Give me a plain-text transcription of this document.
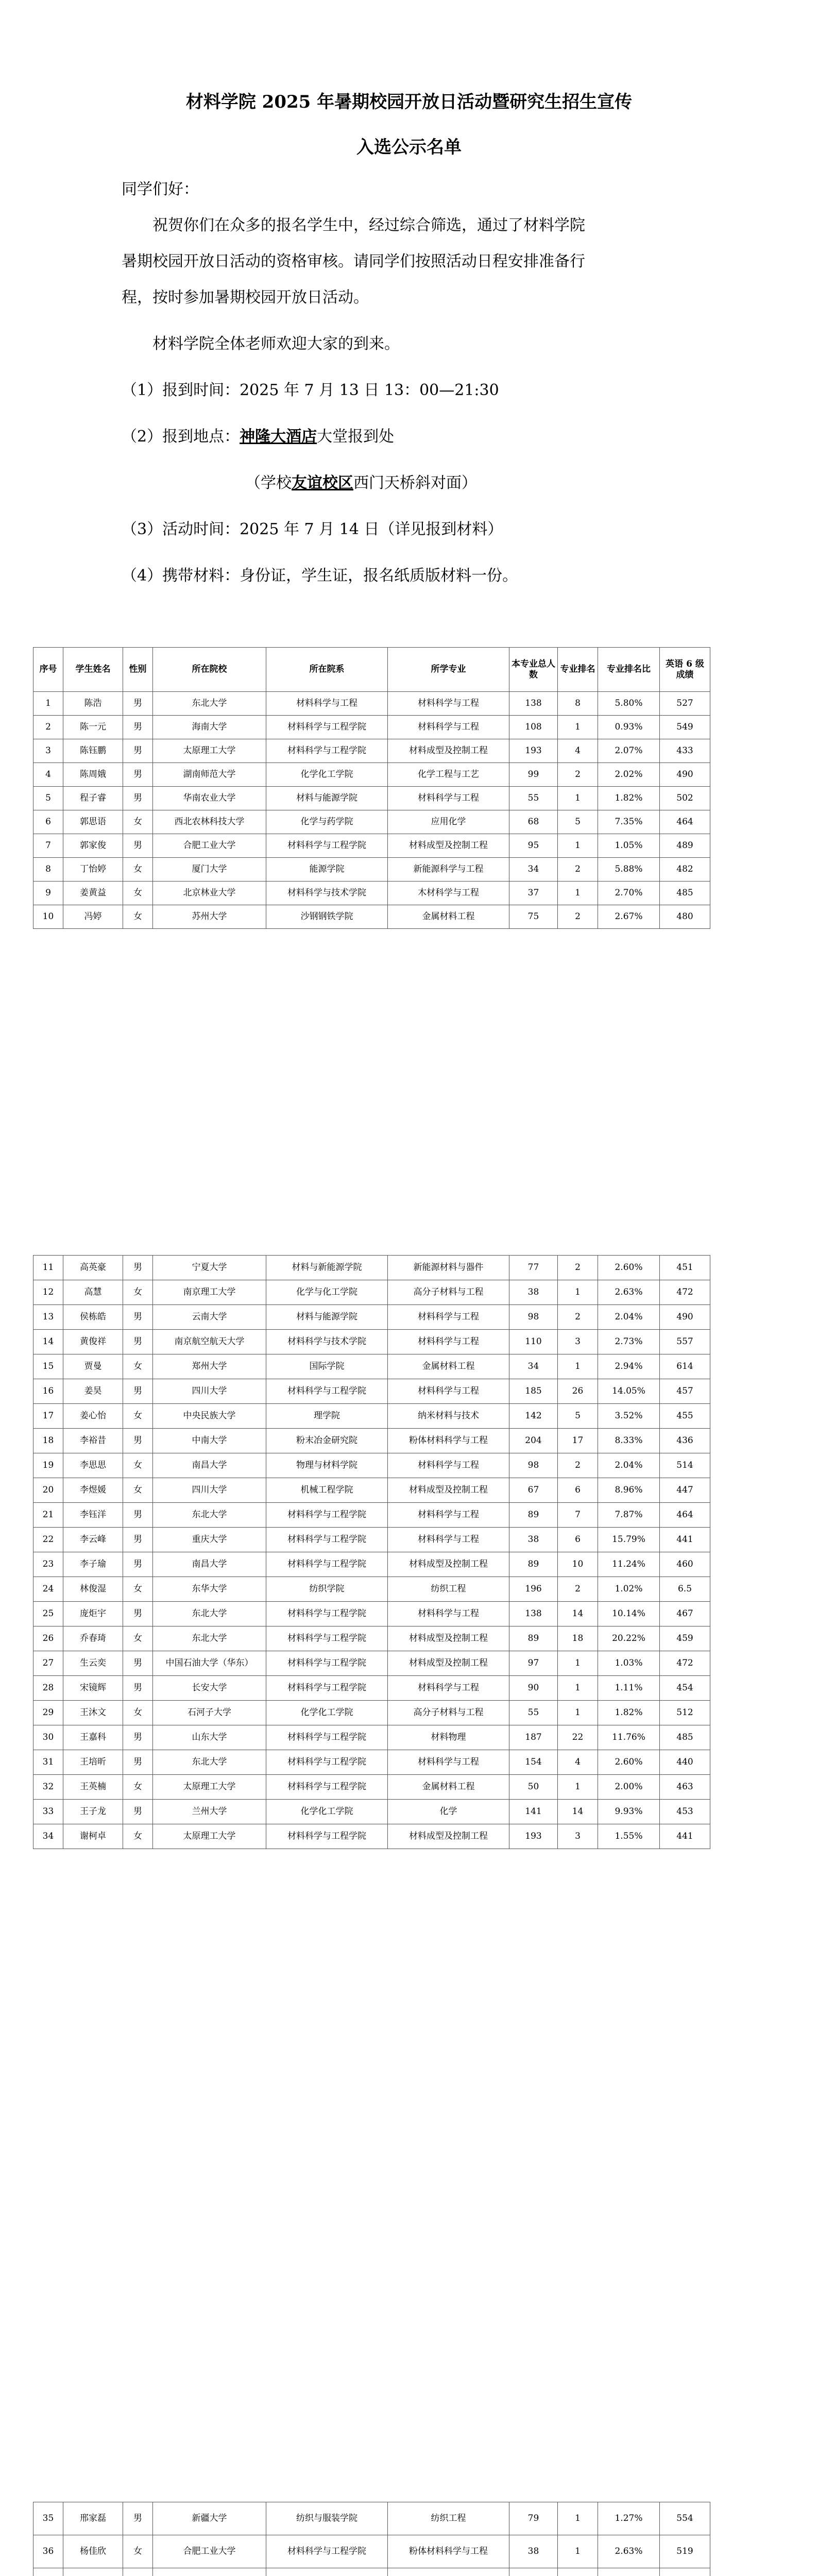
材料学院 2025 年暑期校园开放日活动暨研究生招生宣传
入选公示名单
同学们好：
祝贺你们在众多的报名学生中，经过综合筛选，通过了材料学院
暑期校园开放日活动的资格审核。请同学们按照活动日程安排准备行
程，按时参加暑期校园开放日活动。
材料学院全体老师欢迎大家的到来。
（1）报到时间：2025 年 7 月 13 日 13：00—21:30
（2）报到地点：神隆大酒店大堂报到处
（学校友谊校区西门天桥斜对面）
（3）活动时间：2025 年 7 月 14 日（详见报到材料）
（4）携带材料：身份证，学生证，报名纸质版材料一份。
序号	学生姓名	性别	所在院校	所在院系	所学专业	本专业总人数	专业排名	专业排名比	英语 6 级成绩
1	陈浩	男	东北大学	材料科学与工程	材料科学与工程	138	8	5.80%	527
2	陈一元	男	海南大学	材料科学与工程学院	材料科学与工程	108	1	0.93%	549
3	陈钰鹏	男	太原理工大学	材料科学与工程学院	材料成型及控制工程	193	4	2.07%	433
4	陈周娥	男	湖南师范大学	化学化工学院	化学工程与工艺	99	2	2.02%	490
5	程子睿	男	华南农业大学	材料与能源学院	材料科学与工程	55	1	1.82%	502
6	郭思语	女	西北农林科技大学	化学与药学院	应用化学	68	5	7.35%	464
7	郭家俊	男	合肥工业大学	材料科学与工程学院	材料成型及控制工程	95	1	1.05%	489
8	丁怡婷	女	厦门大学	能源学院	新能源科学与工程	34	2	5.88%	482
9	姜黄益	女	北京林业大学	材料科学与技术学院	木材科学与工程	37	1	2.70%	485
10	冯婷	女	苏州大学	沙钢钢铁学院	金属材料工程	75	2	2.67%	480
11	高英豪	男	宁夏大学	材料与新能源学院	新能源材料与器件	77	2	2.60%	451
12	高慧	女	南京理工大学	化学与化工学院	高分子材料与工程	38	1	2.63%	472
13	侯栋皓	男	云南大学	材料与能源学院	材料科学与工程	98	2	2.04%	490
14	黄俊祥	男	南京航空航天大学	材料科学与技术学院	材料科学与工程	110	3	2.73%	557
15	贾曼	女	郑州大学	国际学院	金属材料工程	34	1	2.94%	614
16	姜昊	男	四川大学	材料科学与工程学院	材料科学与工程	185	26	14.05%	457
17	姜心怡	女	中央民族大学	理学院	纳米材料与技术	142	5	3.52%	455
18	李裕昔	男	中南大学	粉末冶金研究院	粉体材料科学与工程	204	17	8.33%	436
19	李思思	女	南昌大学	物理与材料学院	材料科学与工程	98	2	2.04%	514
20	李煜媛	女	四川大学	机械工程学院	材料成型及控制工程	67	6	8.96%	447
21	李钰洋	男	东北大学	材料科学与工程学院	材料科学与工程	89	7	7.87%	464
22	李云峰	男	重庆大学	材料科学与工程学院	材料科学与工程	38	6	15.79%	441
23	李子瑜	男	南昌大学	材料科学与工程学院	材料成型及控制工程	89	10	11.24%	460
24	林俊湿	女	东华大学	纺织学院	纺织工程	196	2	1.02%	6.5
25	庞炬宇	男	东北大学	材料科学与工程学院	材料科学与工程	138	14	10.14%	467
26	乔春琦	女	东北大学	材料科学与工程学院	材料成型及控制工程	89	18	20.22%	459
27	生云奕	男	中国石油大学（华东）	材料科学与工程学院	材料成型及控制工程	97	1	1.03%	472
28	宋镜辉	男	长安大学	材料科学与工程学院	材料科学与工程	90	1	1.11%	454
29	王沐文	女	石河子大学	化学化工学院	高分子材料与工程	55	1	1.82%	512
30	王嘉科	男	山东大学	材料科学与工程学院	材料物理	187	22	11.76%	485
31	王培昕	男	东北大学	材料科学与工程学院	材料科学与工程	154	4	2.60%	440
32	王英楠	女	太原理工大学	材料科学与工程学院	金属材料工程	50	1	2.00%	463
33	王子龙	男	兰州大学	化学化工学院	化学	141	14	9.93%	453
34	谢柯卓	女	太原理工大学	材料科学与工程学院	材料成型及控制工程	193	3	1.55%	441
35	邢家磊	男	新疆大学	纺织与服装学院	纺织工程	79	1	1.27%	554
36	杨佳欣	女	合肥工业大学	材料科学与工程学院	粉体材料科学与工程	38	1	2.63%	519
